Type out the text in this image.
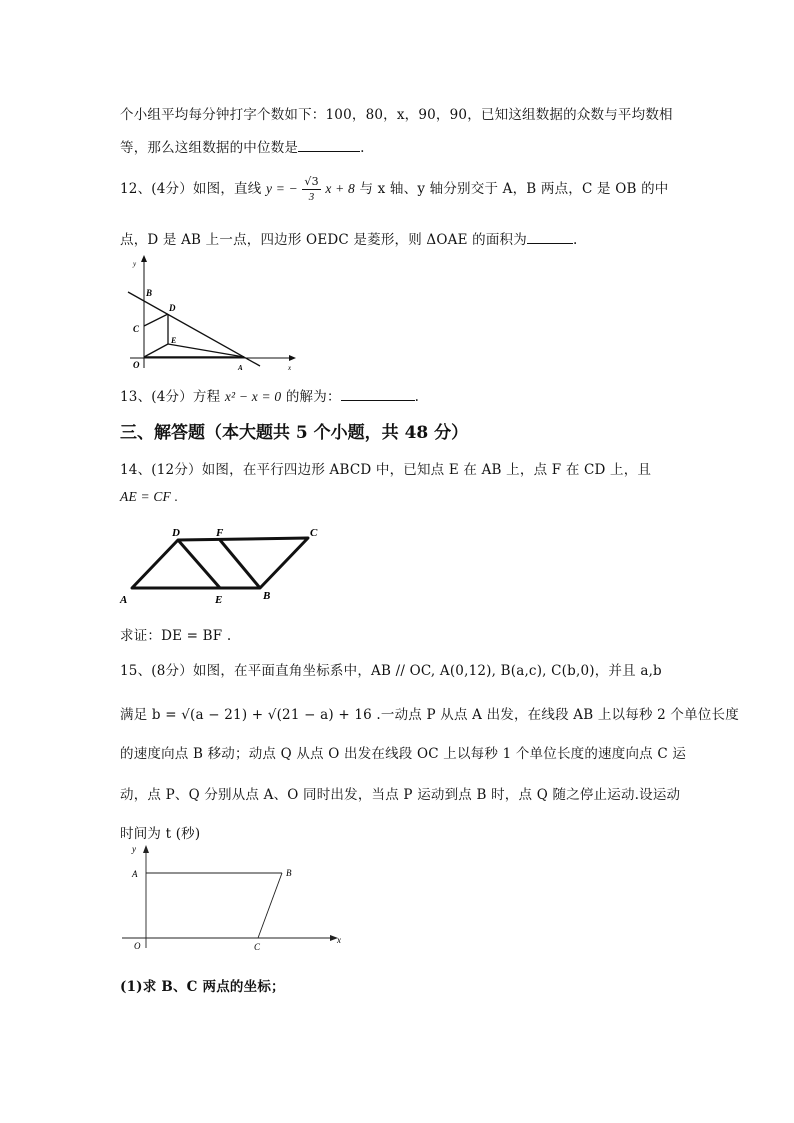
个小组平均每分钟打字个数如下：100，80，x，90，90，已知这组数据的众数与平均数相
等，那么这组数据的中位数是	.
12、(4分）如图，直线 y = − $\frac{√3}{3}$ x + 8 与 x 轴、y 轴分别交于 A，B 两点，C 是 OB 的中
点，D 是 AB 上一点，四边形 OEDC 是菱形，则 ΔOAE 的面积为	.
y
x
B
D
C
E
O	A
13、(4分）方程 x² − x = 0 的解为：	.
三、解答题（本大题共 5 个小题，共 48 分）
14、(12分）如图，在平行四边形 ABCD 中，已知点 E 在 AB 上，点 F 在 CD 上，且
AE = CF .
A	E	B
C
D	F
求证：DE = BF .
15、(8分）如图，在平面直角坐标系中，AB // OC, A(0,12), B(a,c), C(b,0)，并且 a,b
满足 b = √(a − 21) + √(21 − a) + 16 .一动点 P 从点 A 出发，在线段 AB 上以每秒 2 个单位长度
的速度向点 B 移动；动点 Q 从点 O 出发在线段 OC 上以每秒 1 个单位长度的速度向点 C 运
动，点 P、Q 分别从点 A、O 同时出发，当点 P 运动到点 B 时，点 Q 随之停止运动.设运动
时间为 t (秒)
y
x
A	B
O	C
(1)求 B、C 两点的坐标；
